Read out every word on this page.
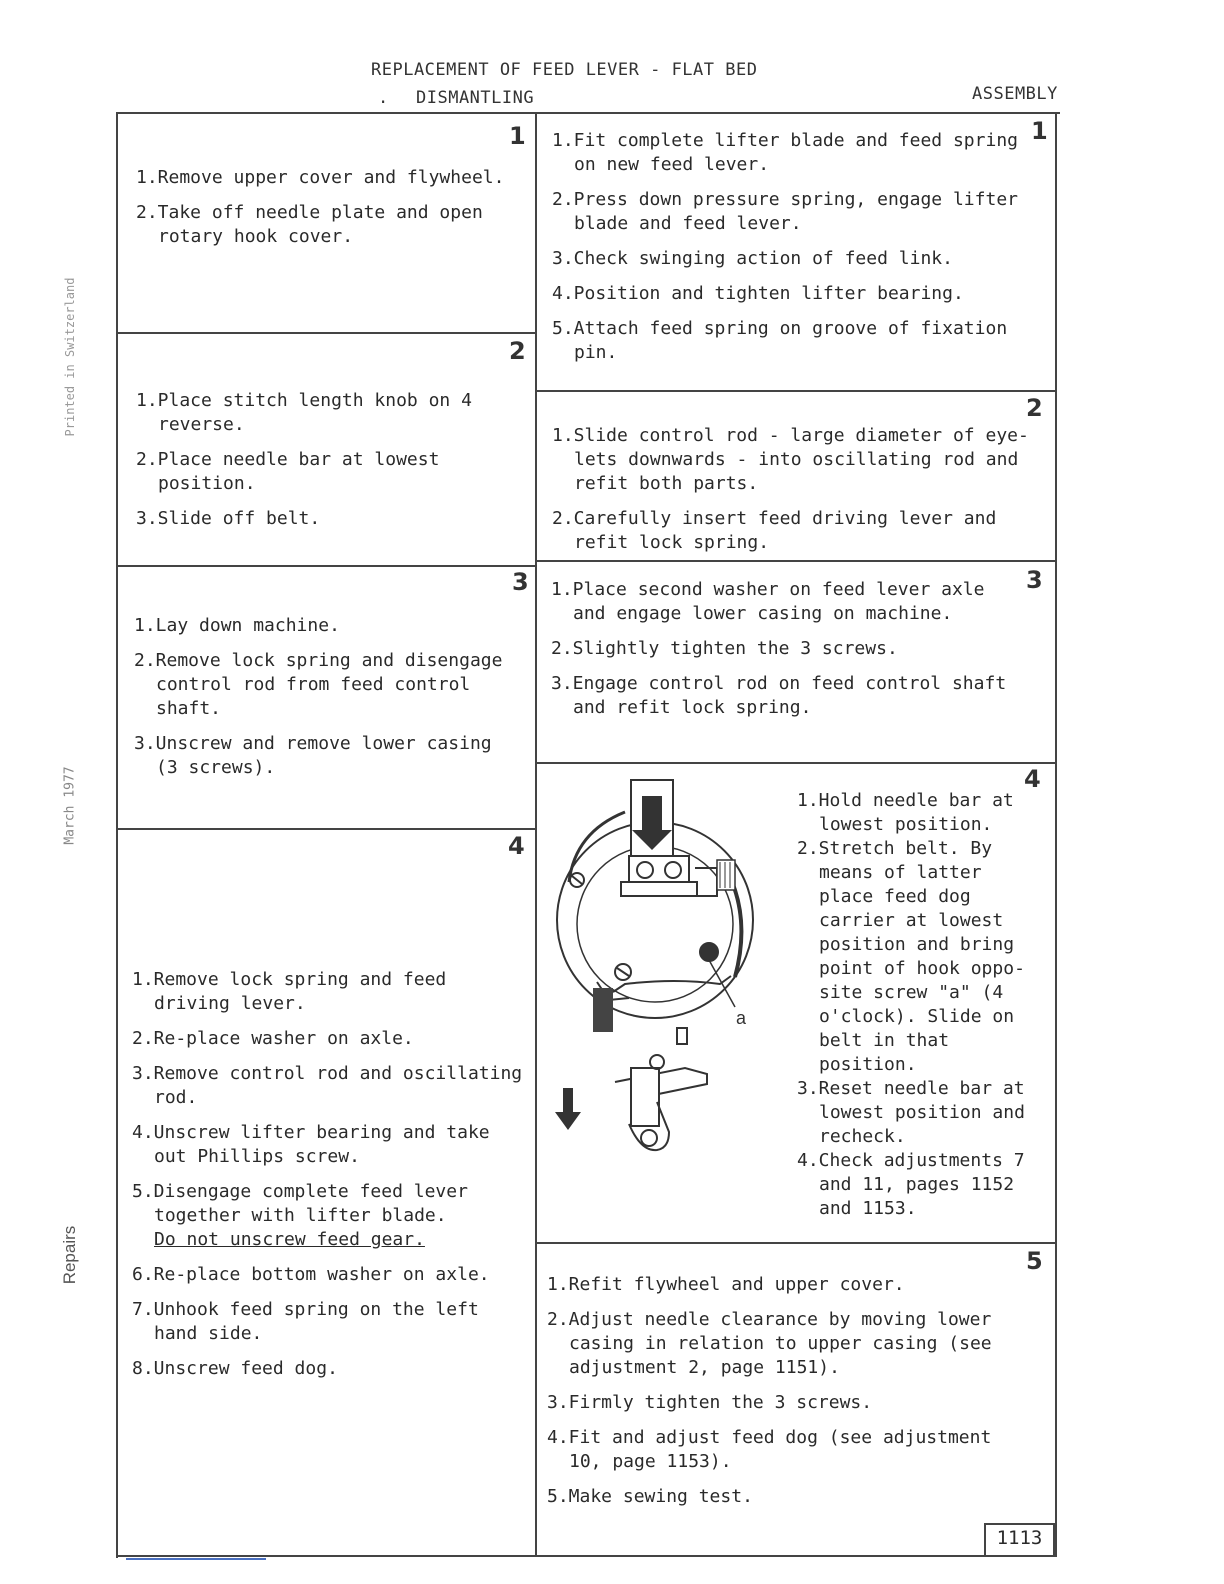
REPLACEMENT OF FEED LEVER - FLAT BED
. DISMANTLING	ASSEMBLY
Printed in Switzerland
March 1977
Repairs
1
1.Remove upper cover and flywheel.
2.Take off needle plate and open rotary hook cover.
2
1.Place stitch length knob on 4 reverse.
2.Place needle bar at lowest position.
3.Slide off belt.
3
1.Lay down machine.
2.Remove lock spring and disengage control rod from feed control shaft.
3.Unscrew and remove lower casing (3 screws).
4
1.Remove lock spring and feed driving lever.
2.Re-place washer on axle.
3.Remove control rod and oscillating rod.
4.Unscrew lifter bearing and take out Phillips screw.
5.Disengage complete feed lever together with lifter blade.
Do not unscrew feed gear.
6.Re-place bottom washer on axle.
7.Unhook feed spring on the left hand side.
8.Unscrew feed dog.
1
1.Fit complete lifter blade and feed spring on new feed lever.
2.Press down pressure spring, engage lifter blade and feed lever.
3.Check swinging action of feed link.
4.Position and tighten lifter bearing.
5.Attach feed spring on groove of fixation pin.
2
1.Slide control rod - large diameter of eye-lets downwards - into oscillating rod and refit both parts.
2.Carefully insert feed driving lever and refit lock spring.
3
1.Place second washer on feed lever axle and engage lower casing on machine.
2.Slightly tighten the 3 screws.
3.Engage control rod on feed control shaft and refit lock spring.
4
a
1.Hold needle bar at lowest position.
2.Stretch belt. By means of latter place feed dog carrier at lowest position and bring point of hook oppo-site screw "a" (4 o'clock). Slide on belt in that position.
3.Reset needle bar at lowest position and recheck.
4.Check adjustments 7 and 11, pages 1152 and 1153.
5
1.Refit flywheel and upper cover.
2.Adjust needle clearance by moving lower casing in relation to upper casing (see adjustment 2, page 1151).
3.Firmly tighten the 3 screws.
4.Fit and adjust feed dog (see adjustment 10, page 1153).
5.Make sewing test.
1113
